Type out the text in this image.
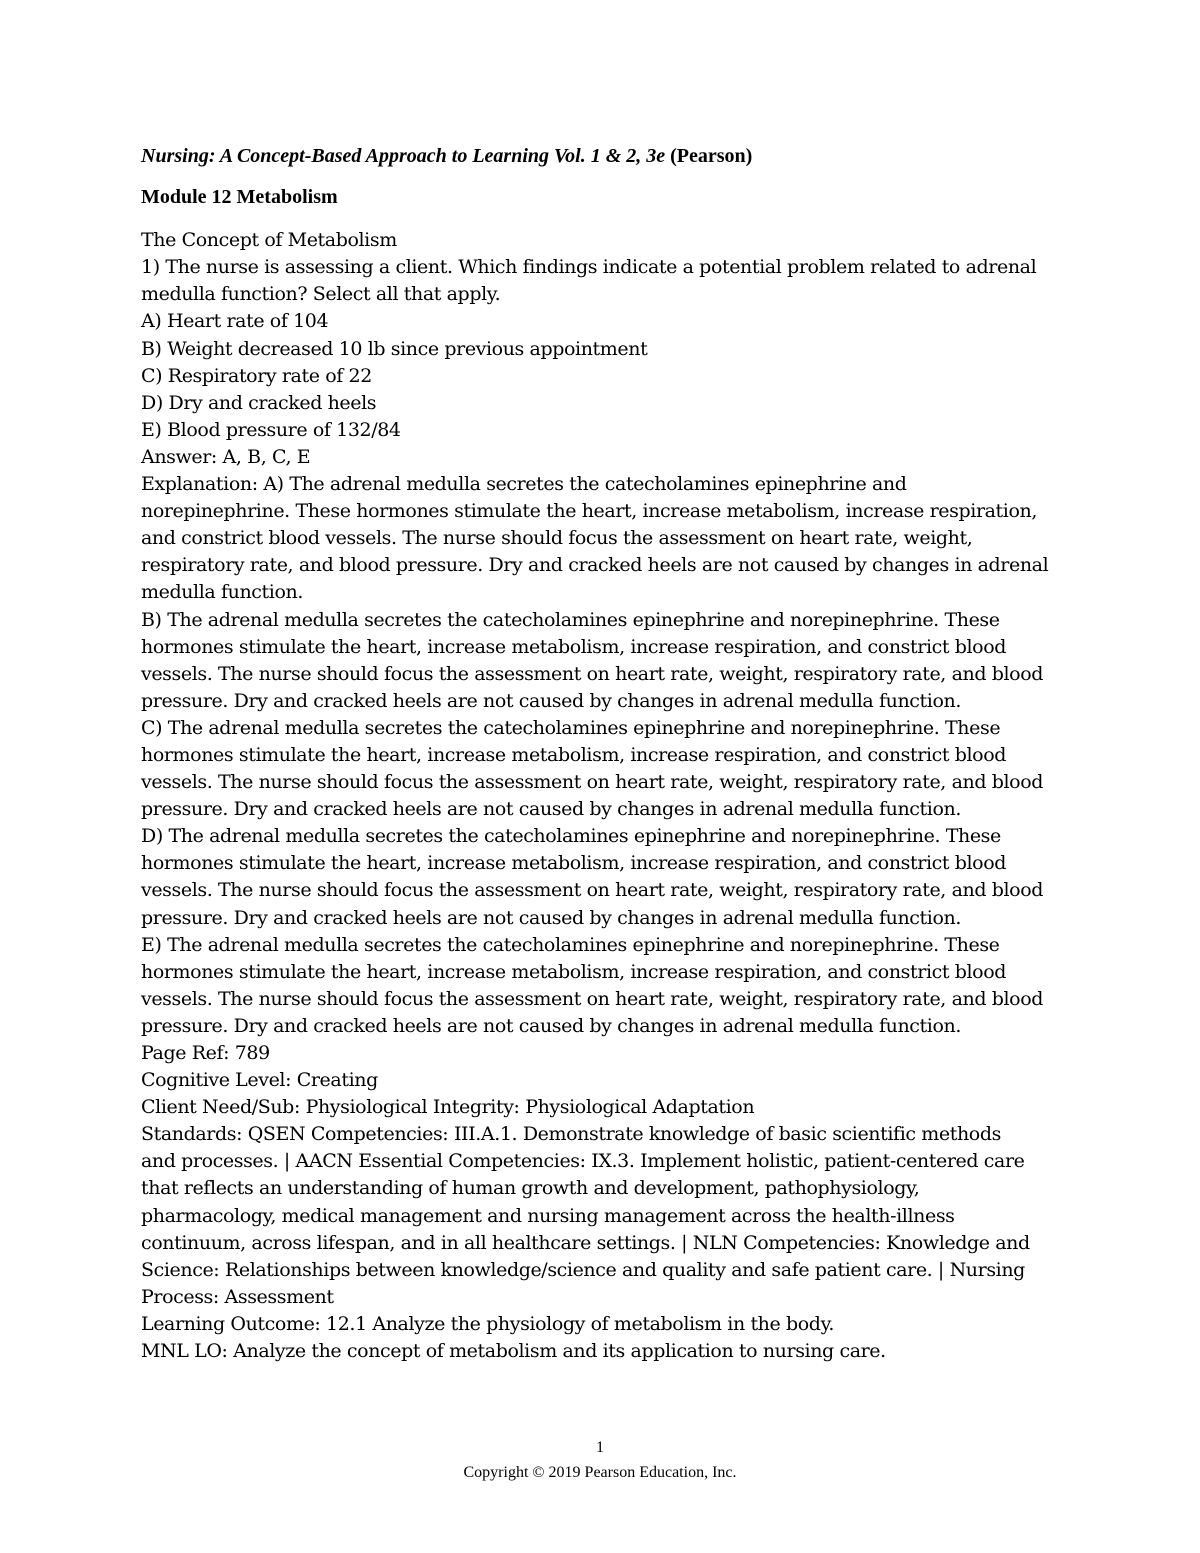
Nursing: A Concept-Based Approach to Learning Vol. 1 & 2, 3e (Pearson)

Module 12 Metabolism

The Concept of Metabolism

1) The nurse is assessing a client. Which findings indicate a potential problem related to adrenal

medulla function? Select all that apply.

A) Heart rate of 104

B) Weight decreased 10 lb since previous appointment

C) Respiratory rate of 22

D) Dry and cracked heels

E) Blood pressure of 132/84

Answer: A, B, C, E

Explanation: A) The adrenal medulla secretes the catecholamines epinephrine and

norepinephrine. These hormones stimulate the heart, increase metabolism, increase respiration,

and constrict blood vessels. The nurse should focus the assessment on heart rate, weight,

respiratory rate, and blood pressure. Dry and cracked heels are not caused by changes in adrenal

medulla function.

B) The adrenal medulla secretes the catecholamines epinephrine and norepinephrine. These

hormones stimulate the heart, increase metabolism, increase respiration, and constrict blood

vessels. The nurse should focus the assessment on heart rate, weight, respiratory rate, and blood

pressure. Dry and cracked heels are not caused by changes in adrenal medulla function.

C) The adrenal medulla secretes the catecholamines epinephrine and norepinephrine. These

hormones stimulate the heart, increase metabolism, increase respiration, and constrict blood

vessels. The nurse should focus the assessment on heart rate, weight, respiratory rate, and blood

pressure. Dry and cracked heels are not caused by changes in adrenal medulla function.

D) The adrenal medulla secretes the catecholamines epinephrine and norepinephrine. These

hormones stimulate the heart, increase metabolism, increase respiration, and constrict blood

vessels. The nurse should focus the assessment on heart rate, weight, respiratory rate, and blood

pressure. Dry and cracked heels are not caused by changes in adrenal medulla function.

E) The adrenal medulla secretes the catecholamines epinephrine and norepinephrine. These

hormones stimulate the heart, increase metabolism, increase respiration, and constrict blood

vessels. The nurse should focus the assessment on heart rate, weight, respiratory rate, and blood

pressure. Dry and cracked heels are not caused by changes in adrenal medulla function.

Page Ref: 789

Cognitive Level: Creating

Client Need/Sub: Physiological Integrity: Physiological Adaptation

Standards: QSEN Competencies: III.A.1. Demonstrate knowledge of basic scientific methods

and processes. | AACN Essential Competencies: IX.3. Implement holistic, patient-centered care

that reflects an understanding of human growth and development, pathophysiology,

pharmacology, medical management and nursing management across the health-illness

continuum, across lifespan, and in all healthcare settings. | NLN Competencies: Knowledge and

Science: Relationships between knowledge/science and quality and safe patient care. | Nursing

Process: Assessment

Learning Outcome: 12.1 Analyze the physiology of metabolism in the body.

MNL LO: Analyze the concept of metabolism and its application to nursing care.

1
Copyright © 2019 Pearson Education, Inc.
